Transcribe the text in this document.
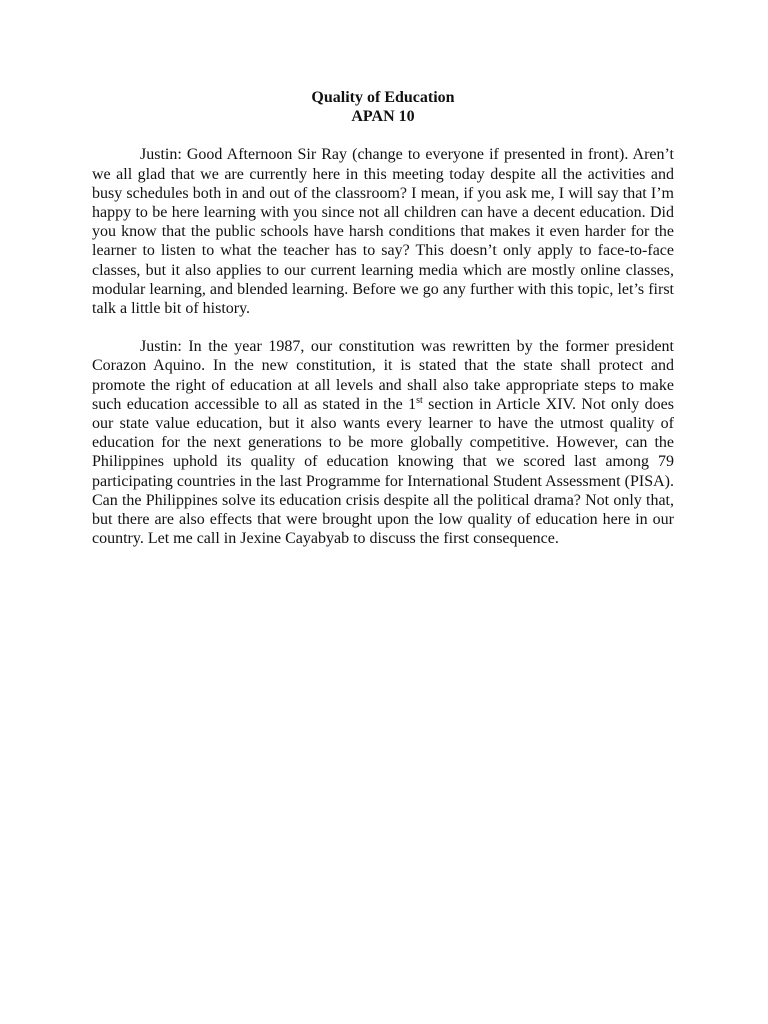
Quality of Education
APAN 10

Justin: Good Afternoon Sir Ray (change to everyone if presented in front). Aren’t we all glad that we are currently here in this meeting today despite all the activities and busy schedules both in and out of the classroom? I mean, if you ask me, I will say that I’m happy to be here learning with you since not all children can have a decent education. Did you know that the public schools have harsh conditions that makes it even harder for the learner to listen to what the teacher has to say? This doesn’t only apply to face-to-face classes, but it also applies to our current learning media which are mostly online classes, modular learning, and blended learning. Before we go any further with this topic, let’s first talk a little bit of history.

Justin: In the year 1987, our constitution was rewritten by the former president Corazon Aquino. In the new constitution, it is stated that the state shall protect and promote the right of education at all levels and shall also take appropriate steps to make such education accessible to all as stated in the 1st section in Article XIV. Not only does our state value education, but it also wants every learner to have the utmost quality of education for the next generations to be more globally competitive. However, can the Philippines uphold its quality of education knowing that we scored last among 79 participating countries in the last Programme for International Student Assessment (PISA). Can the Philippines solve its education crisis despite all the political drama? Not only that, but there are also effects that were brought upon the low quality of education here in our country. Let me call in Jexine Cayabyab to discuss the first consequence.
